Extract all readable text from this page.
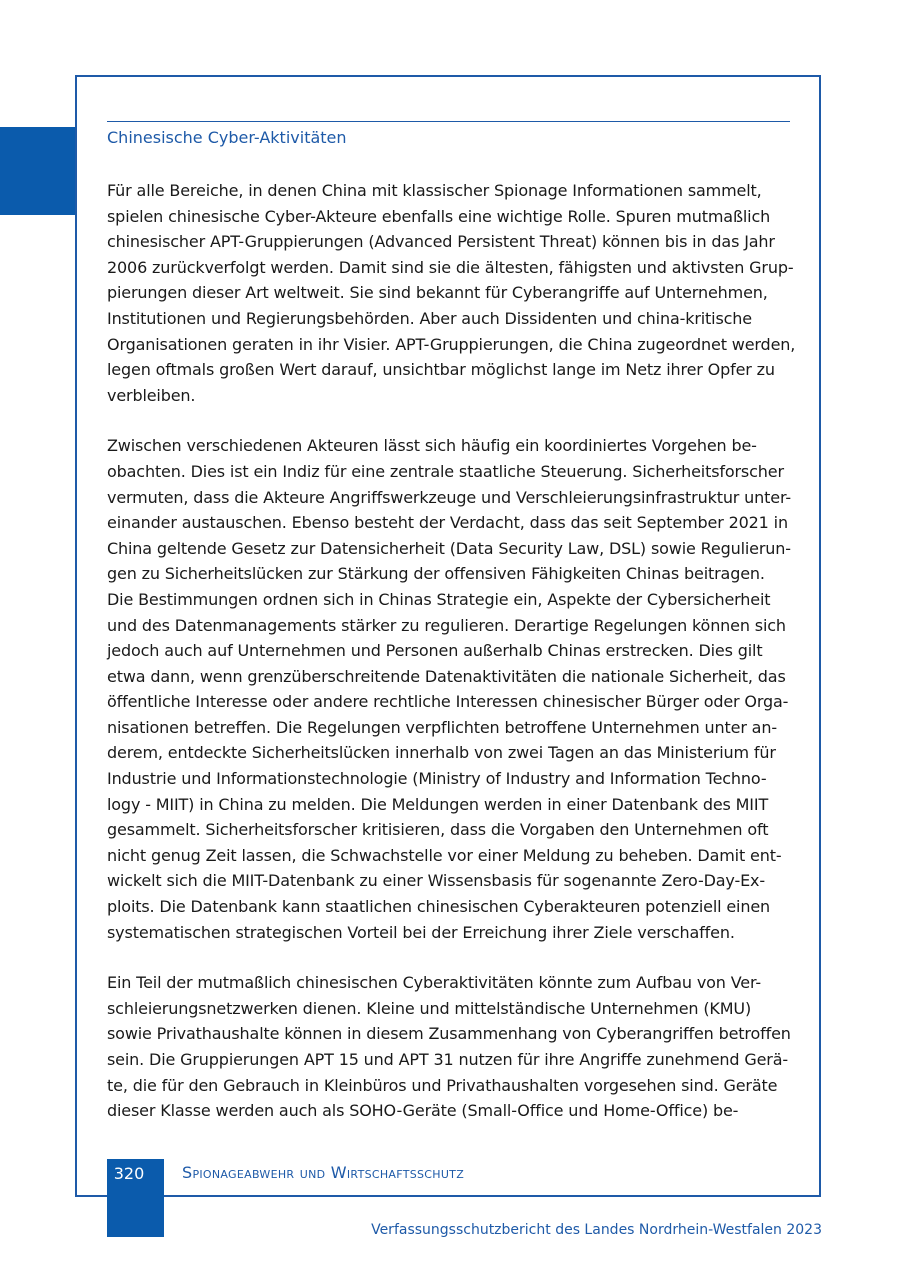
Chinesische Cyber-Aktivitäten

Für alle Bereiche, in denen China mit klassischer Spionage Informationen sammelt,
spielen chinesische Cyber-Akteure ebenfalls eine wichtige Rolle. Spuren mutmaßlich
chinesischer APT-Gruppierungen (Advanced Persistent Threat) können bis in das Jahr
2006 zurückverfolgt werden. Damit sind sie die ältesten, fähigsten und aktivsten Grup-
pierungen dieser Art weltweit. Sie sind bekannt für Cyberangriffe auf Unternehmen,
Institutionen und Regierungsbehörden. Aber auch Dissidenten und china-kritische
Organisationen geraten in ihr Visier. APT-Gruppierungen, die China zugeordnet werden,
legen oftmals großen Wert darauf, unsichtbar möglichst lange im Netz ihrer Opfer zu
verbleiben.

Zwischen verschiedenen Akteuren lässt sich häufig ein koordiniertes Vorgehen be-
obachten. Dies ist ein Indiz für eine zentrale staatliche Steuerung. Sicherheitsforscher
vermuten, dass die Akteure Angriffswerkzeuge und Verschleierungsinfrastruktur unter-
einander austauschen. Ebenso besteht der Verdacht, dass das seit September 2021 in
China geltende Gesetz zur Datensicherheit (Data Security Law, DSL) sowie Regulierun-
gen zu Sicherheitslücken zur Stärkung der offensiven Fähigkeiten Chinas beitragen.
Die Bestimmungen ordnen sich in Chinas Strategie ein, Aspekte der Cybersicherheit
und des Datenmanagements stärker zu regulieren. Derartige Regelungen können sich
jedoch auch auf Unternehmen und Personen außerhalb Chinas erstrecken. Dies gilt
etwa dann, wenn grenzüberschreitende Datenaktivitäten die nationale Sicherheit, das
öffentliche Interesse oder andere rechtliche Interessen chinesischer Bürger oder Orga-
nisationen betreffen. Die Regelungen verpflichten betroffene Unternehmen unter an-
derem, entdeckte Sicherheitslücken innerhalb von zwei Tagen an das Ministerium für
Industrie und Informationstechnologie (Ministry of Industry and Information Techno-
logy - MIIT) in China zu melden. Die Meldungen werden in einer Datenbank des MIIT
gesammelt. Sicherheitsforscher kritisieren, dass die Vorgaben den Unternehmen oft
nicht genug Zeit lassen, die Schwachstelle vor einer Meldung zu beheben. Damit ent-
wickelt sich die MIIT-Datenbank zu einer Wissensbasis für sogenannte Zero-Day-Ex-
ploits. Die Datenbank kann staatlichen chinesischen Cyberakteuren potenziell einen
systematischen strategischen Vorteil bei der Erreichung ihrer Ziele verschaffen.

Ein Teil der mutmaßlich chinesischen Cyberaktivitäten könnte zum Aufbau von Ver-
schleierungsnetzwerken dienen. Kleine und mittelständische Unternehmen (KMU)
sowie Privathaushalte können in diesem Zusammenhang von Cyberangriffen betroffen
sein. Die Gruppierungen APT 15 und APT 31 nutzen für ihre Angriffe zunehmend Gerä-
te, die für den Gebrauch in Kleinbüros und Privathaushalten vorgesehen sind. Geräte
dieser Klasse werden auch als SOHO-Geräte (Small-Office und Home-Office) be-

320	Spionageabwehr und Wirtschaftsschutz
Verfassungsschutzbericht des Landes Nordrhein-Westfalen 2023
